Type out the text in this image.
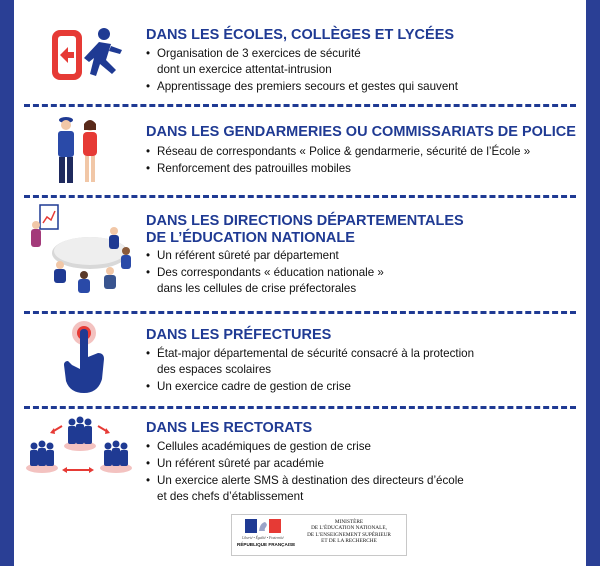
DANS LES ÉCOLES, COLLÈGES ET LYCÉES
• Organisation de 3 exercices de sécurité
dont un exercice attentat-intrusion
• Apprentissage des premiers secours et gestes qui sauvent
DANS LES GENDARMERIES OU COMMISSARIATS DE POLICE
• Réseau de correspondants « Police & gendarmerie, sécurité de l’École »
• Renforcement des patrouilles mobiles
DANS LES DIRECTIONS DÉPARTEMENTALES
DE L’ÉDUCATION NATIONALE
• Un référent sûreté par département
• Des correspondants « éducation nationale »
dans les cellules de crise préfectorales
DANS LES PRÉFECTURES
• État-major départemental de sécurité consacré à la protection
des espaces scolaires
• Un exercice cadre de gestion de crise
DANS LES RECTORATS
• Cellules académiques de gestion de crise
• Un référent sûreté par académie
• Un exercice alerte SMS à destination des directeurs d’école
et des chefs d’établissement
Liberté • Égalité • Fraternité
RÉPUBLIQUE FRANÇAISE
MINISTÈRE
DE L’ÉDUCATION NATIONALE,
DE L’ENSEIGNEMENT SUPÉRIEUR
ET DE LA RECHERCHE
